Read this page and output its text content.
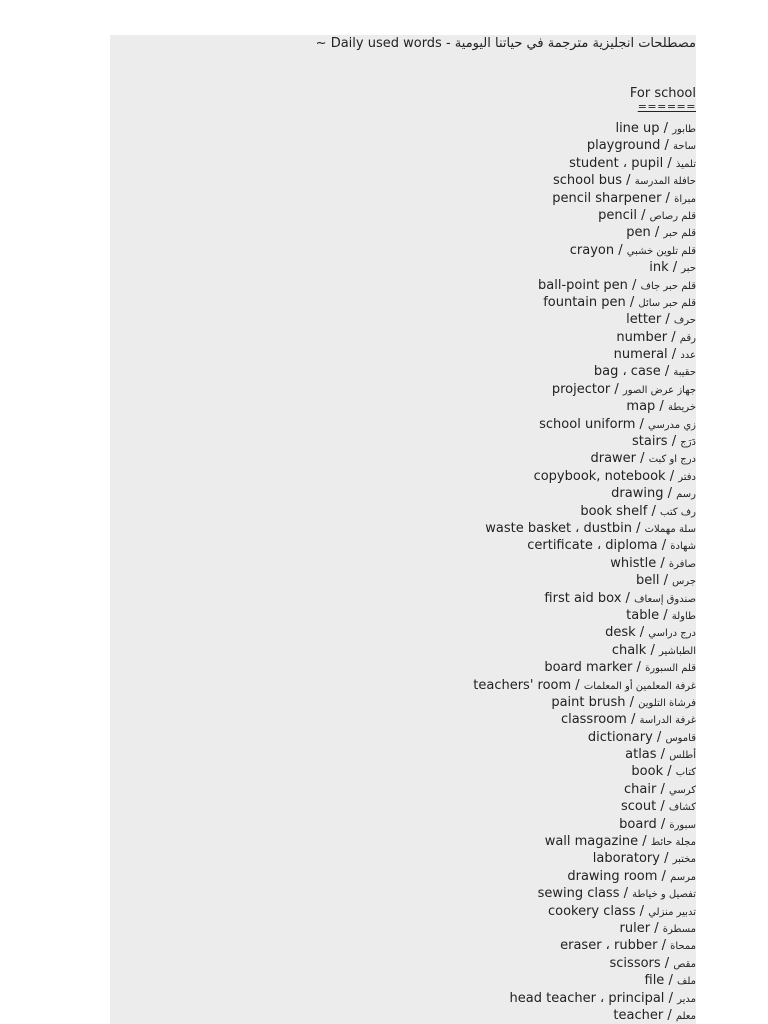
مصطلحات انجليزية مترجمة في حياتنا اليومية - Daily used words ~
For school
======
line up / طابور
playground / ساحة
student ، pupil / تلميذ
school bus / حافلة المدرسة
pencil sharpener / مبراة
pencil / قلم رصاص
pen / قلم حبر
crayon / قلم تلوين خشبي
ink / حبر
ball-point pen / قلم حبر جاف
fountain pen / قلم حبر سائل
letter / حرف
number / رقم
numeral / عدد
bag ، case / حقيبة
projector / جهاز عرض الصور
map / خريطة
school uniform / زي مدرسي
stairs / دَرَج
drawer / درج او كبت
copybook, notebook / دفتر
drawing / رسم
book shelf / رف كتب
waste basket ، dustbin / سلة مهملات
certificate ، diploma / شهادة
whistle / صافرة
bell / جرس
first aid box / صندوق إسعاف
table / طاولة
desk / درج دراسي
chalk / الطباشير
board marker / قلم السبورة
teachers' room / غرفة المعلمين أو المعلمات
paint brush / فرشاة التلوين
classroom / غرفة الدراسة
dictionary / قاموس
atlas / أطلس
book / كتاب
chair / كرسي
scout / كشاف
board / سبورة
wall magazine / مجلة حائط
laboratory / مختبر
drawing room / مرسم
sewing class / تفصيل و خياطة
cookery class / تدبير منزلي
ruler / مسطرة
eraser ، rubber / ممحاة
scissors / مقص
file / ملف
head teacher ، principal / مدير
teacher / معلم
